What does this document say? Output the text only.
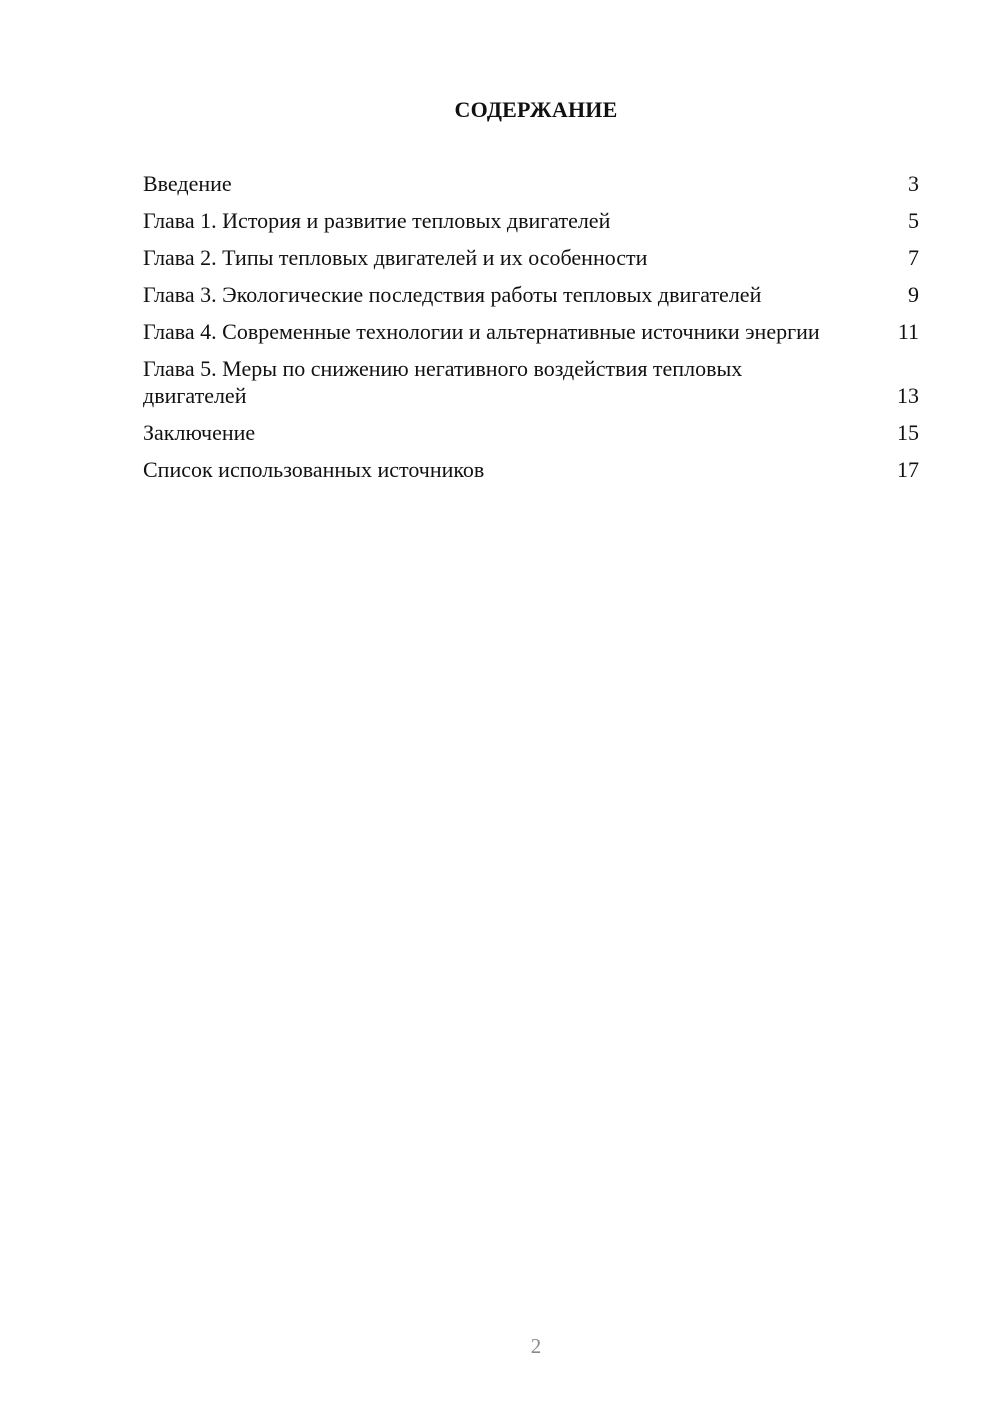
СОДЕРЖАНИЕ
Введение	3
Глава 1. История и развитие тепловых двигателей	5
Глава 2. Типы тепловых двигателей и их особенности	7
Глава 3. Экологические последствия работы тепловых двигателей	9
Глава 4. Современные технологии и альтернативные источники энергии	11
Глава 5. Меры по снижению негативного воздействия тепловых двигателей	13
Заключение	15
Список использованных источников	17
2
